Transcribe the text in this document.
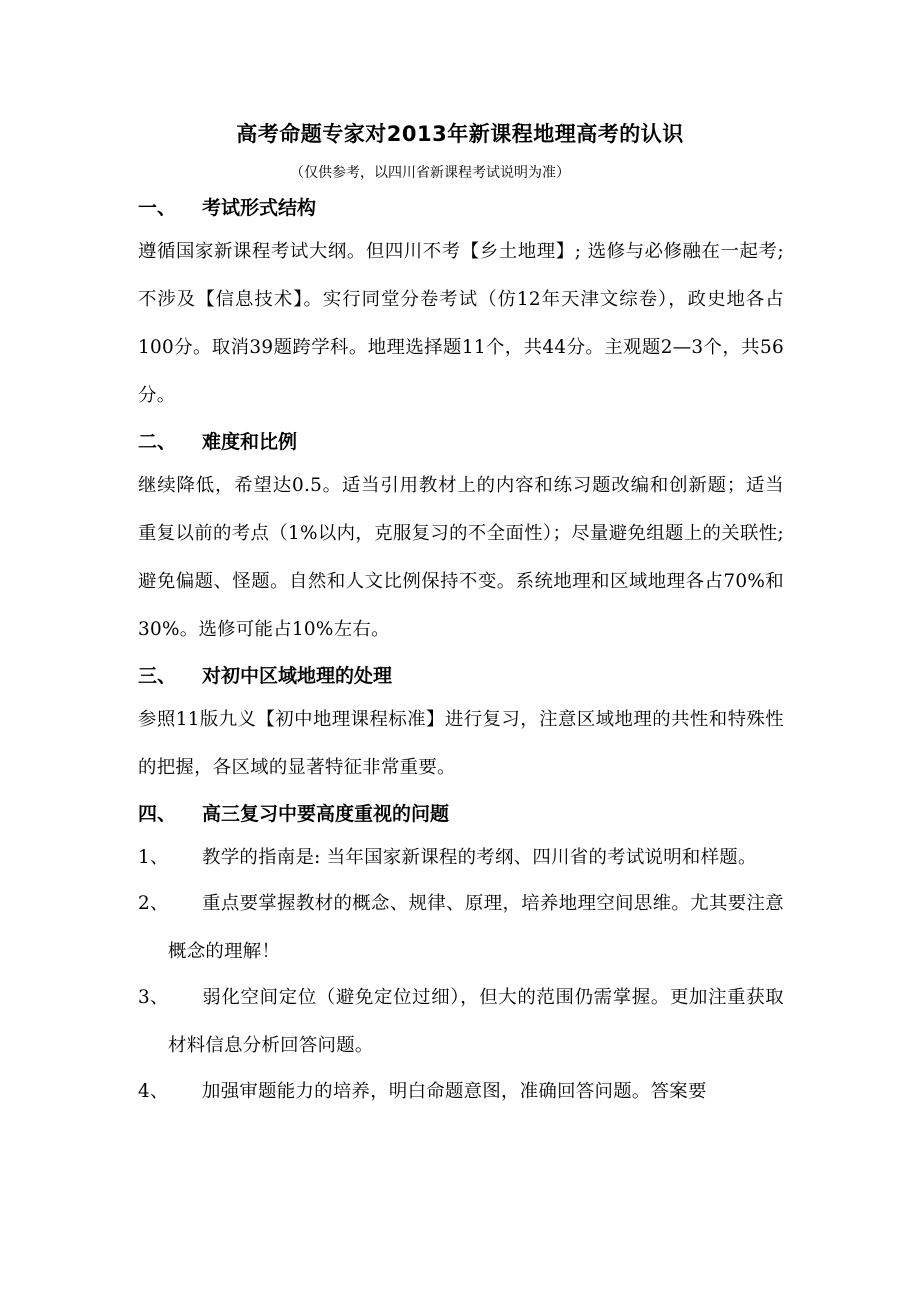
高考命题专家对2013年新课程地理高考的认识
（仅供参考，以四川省新课程考试说明为准）
一、	考试形式结构
遵循国家新课程考试大纲。但四川不考【乡土地理】; 选修与必修融在一起考; 不涉及【信息技术】。实行同堂分卷考试（仿12年天津文综卷），政史地各占100分。取消39题跨学科。地理选择题11个，共44分。主观题2—3个，共56分。
二、	难度和比例
继续降低，希望达0.5。适当引用教材上的内容和练习题改编和创新题；适当重复以前的考点（1%以内，克服复习的不全面性）；尽量避免组题上的关联性; 避免偏题、怪题。自然和人文比例保持不变。系统地理和区域地理各占70%和30%。选修可能占10%左右。
三、	对初中区域地理的处理
参照11版九义【初中地理课程标准】进行复习，注意区域地理的共性和特殊性的把握，各区域的显著特征非常重要。
四、	高三复习中要高度重视的问题
1、 教学的指南是: 当年国家新课程的考纲、四川省的考试说明和样题。
2、 重点要掌握教材的概念、规律、原理，培养地理空间思维。尤其要注意概念的理解！
3、 弱化空间定位（避免定位过细），但大的范围仍需掌握。更加注重获取材料信息分析回答问题。
4、 加强审题能力的培养，明白命题意图，准确回答问题。答案要
